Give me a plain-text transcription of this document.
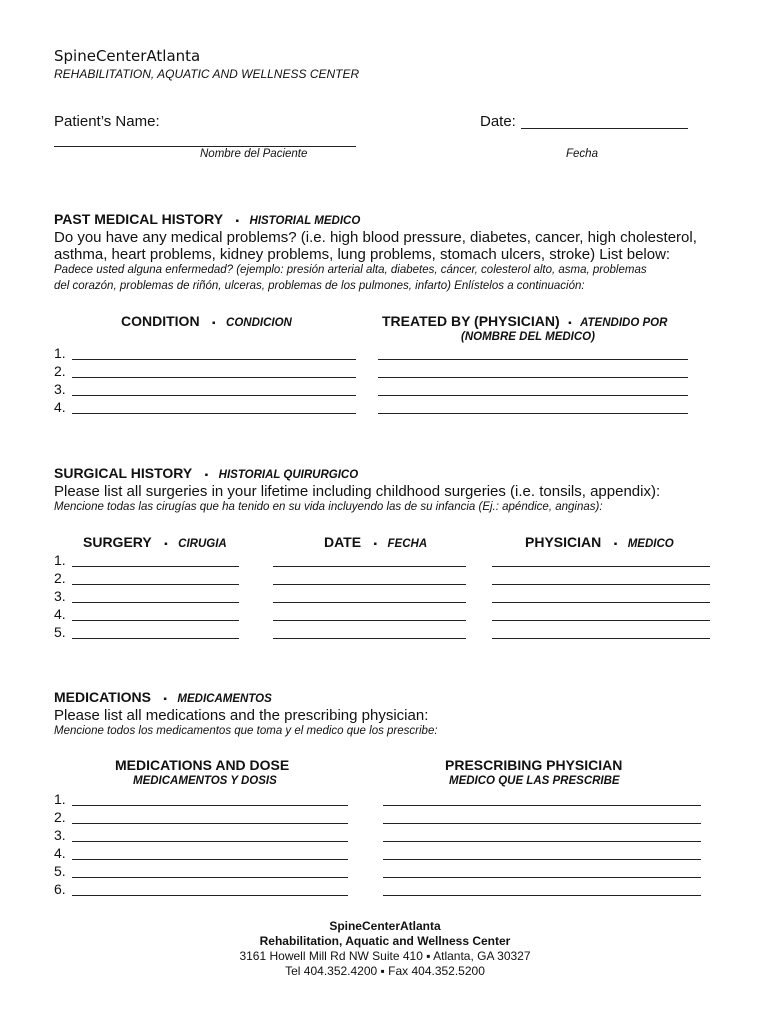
SpineCenterAtlanta
REHABILITATION, AQUATIC AND WELLNESS CENTER
Patient’s Name:
Nombre del Paciente
Date:
Fecha
PAST MEDICAL HISTORY ▪ HISTORIAL MEDICO
Do you have any medical problems? (i.e. high blood pressure, diabetes, cancer, high cholesterol,
asthma, heart problems, kidney problems, lung problems, stomach ulcers, stroke) List below:
Padece usted alguna enfermedad? (ejemplo: presión arterial alta, diabetes, cáncer, colesterol alto, asma, problemas
del corazón, problemas de riñón, ulceras, problemas de los pulmones, infarto) Enlístelos a continuación:
CONDITION ▪ CONDICION	TREATED BY (PHYSICIAN) ▪ ATENDIDO POR
(NOMBRE DEL MEDICO)
1.
2.
3.
4.
SURGICAL HISTORY ▪ HISTORIAL QUIRURGICO
Please list all surgeries in your lifetime including childhood surgeries (i.e. tonsils, appendix):
Mencione todas las cirugías que ha tenido en su vida incluyendo las de su infancia (Ej.: apéndice, anginas):
SURGERY ▪ CIRUGIA	DATE ▪ FECHA	PHYSICIAN ▪ MEDICO
1.
2.
3.
4.
5.
MEDICATIONS ▪ MEDICAMENTOS
Please list all medications and the prescribing physician:
Mencione todos los medicamentos que toma y el medico que los prescribe:
MEDICATIONS AND DOSE
MEDICAMENTOS Y DOSIS
PRESCRIBING PHYSICIAN
MEDICO QUE LAS PRESCRIBE
1.
2.
3.
4.
5.
6.
SpineCenterAtlanta
Rehabilitation, Aquatic and Wellness Center
3161 Howell Mill Rd NW Suite 410 ▪ Atlanta, GA 30327
Tel 404.352.4200 ▪ Fax 404.352.5200
